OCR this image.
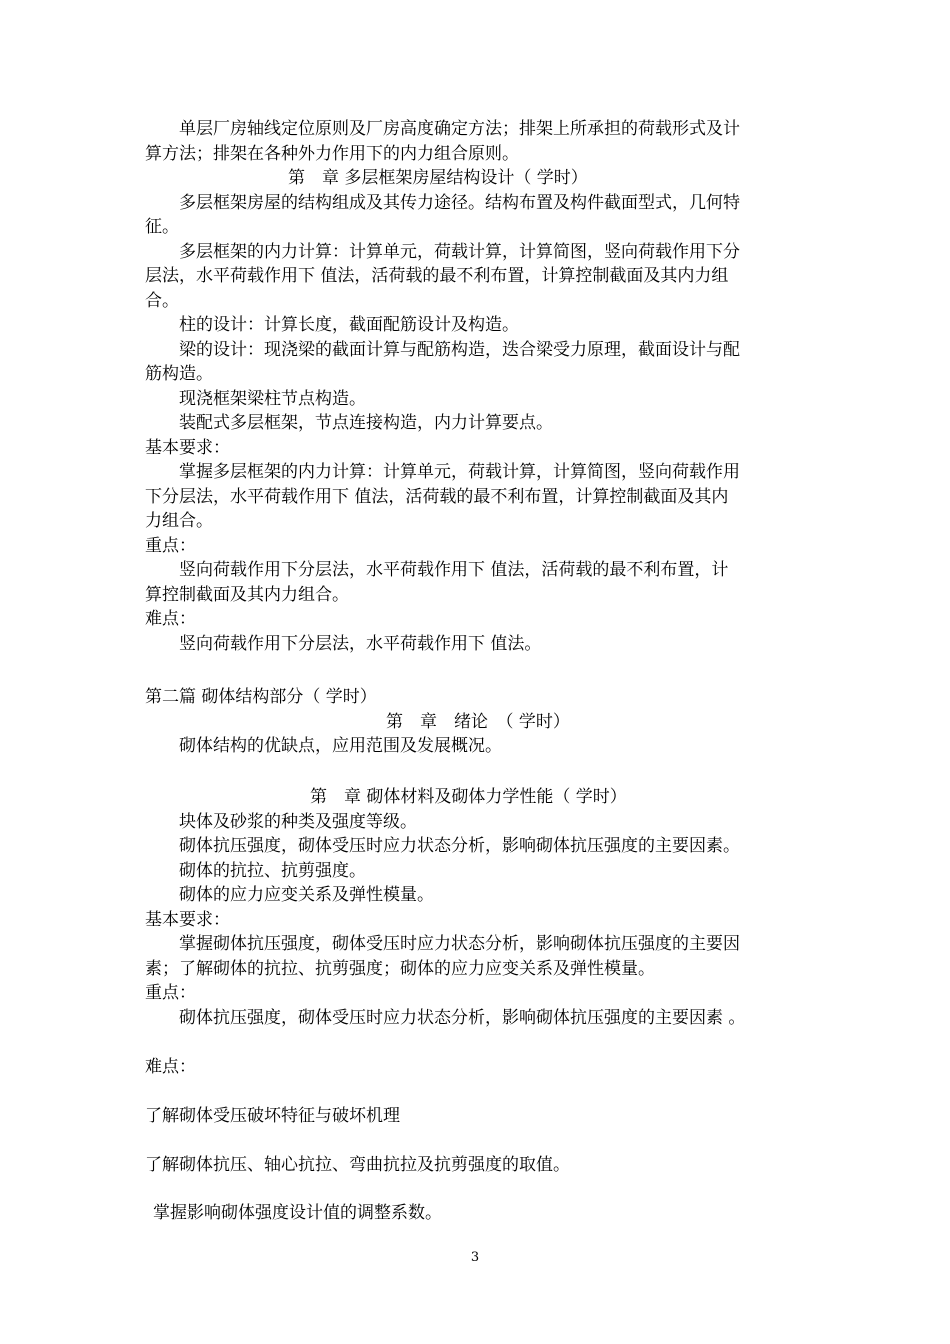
单层厂房轴线定位原则及厂房高度确定方法；排架上所承担的荷载形式及计
算方法；排架在各种外力作用下的内力组合原则。
第　章 多层框架房屋结构设计（ 学时）
多层框架房屋的结构组成及其传力途径。结构布置及构件截面型式，几何特
征。
多层框架的内力计算：计算单元，荷载计算，计算简图，竖向荷载作用下分
层法，水平荷载作用下 值法，活荷载的最不利布置，计算控制截面及其内力组
合。
柱的设计：计算长度，截面配筋设计及构造。
梁的设计：现浇梁的截面计算与配筋构造，迭合梁受力原理，截面设计与配
筋构造。
现浇框架梁柱节点构造。
装配式多层框架，节点连接构造，内力计算要点。
基本要求：
掌握多层框架的内力计算：计算单元，荷载计算，计算简图，竖向荷载作用
下分层法，水平荷载作用下 值法，活荷载的最不利布置，计算控制截面及其内
力组合。
重点：
竖向荷载作用下分层法，水平荷载作用下 值法，活荷载的最不利布置，计
算控制截面及其内力组合。
难点：
竖向荷载作用下分层法，水平荷载作用下 值法。
第二篇 砌体结构部分（ 学时）
第　章　绪论　（ 学时）
砌体结构的优缺点，应用范围及发展概况。
第　章 砌体材料及砌体力学性能（ 学时）
块体及砂浆的种类及强度等级。
砌体抗压强度，砌体受压时应力状态分析，影响砌体抗压强度的主要因素。
砌体的抗拉、抗剪强度。
砌体的应力应变关系及弹性模量。
基本要求：
掌握砌体抗压强度，砌体受压时应力状态分析，影响砌体抗压强度的主要因
素；了解砌体的抗拉、抗剪强度；砌体的应力应变关系及弹性模量。
重点：
砌体抗压强度，砌体受压时应力状态分析，影响砌体抗压强度的主要因素 。
难点：
了解砌体受压破坏特征与破坏机理
了解砌体抗压、轴心抗拉、弯曲抗拉及抗剪强度的取值。
掌握影响砌体强度设计值的调整系数。
3
